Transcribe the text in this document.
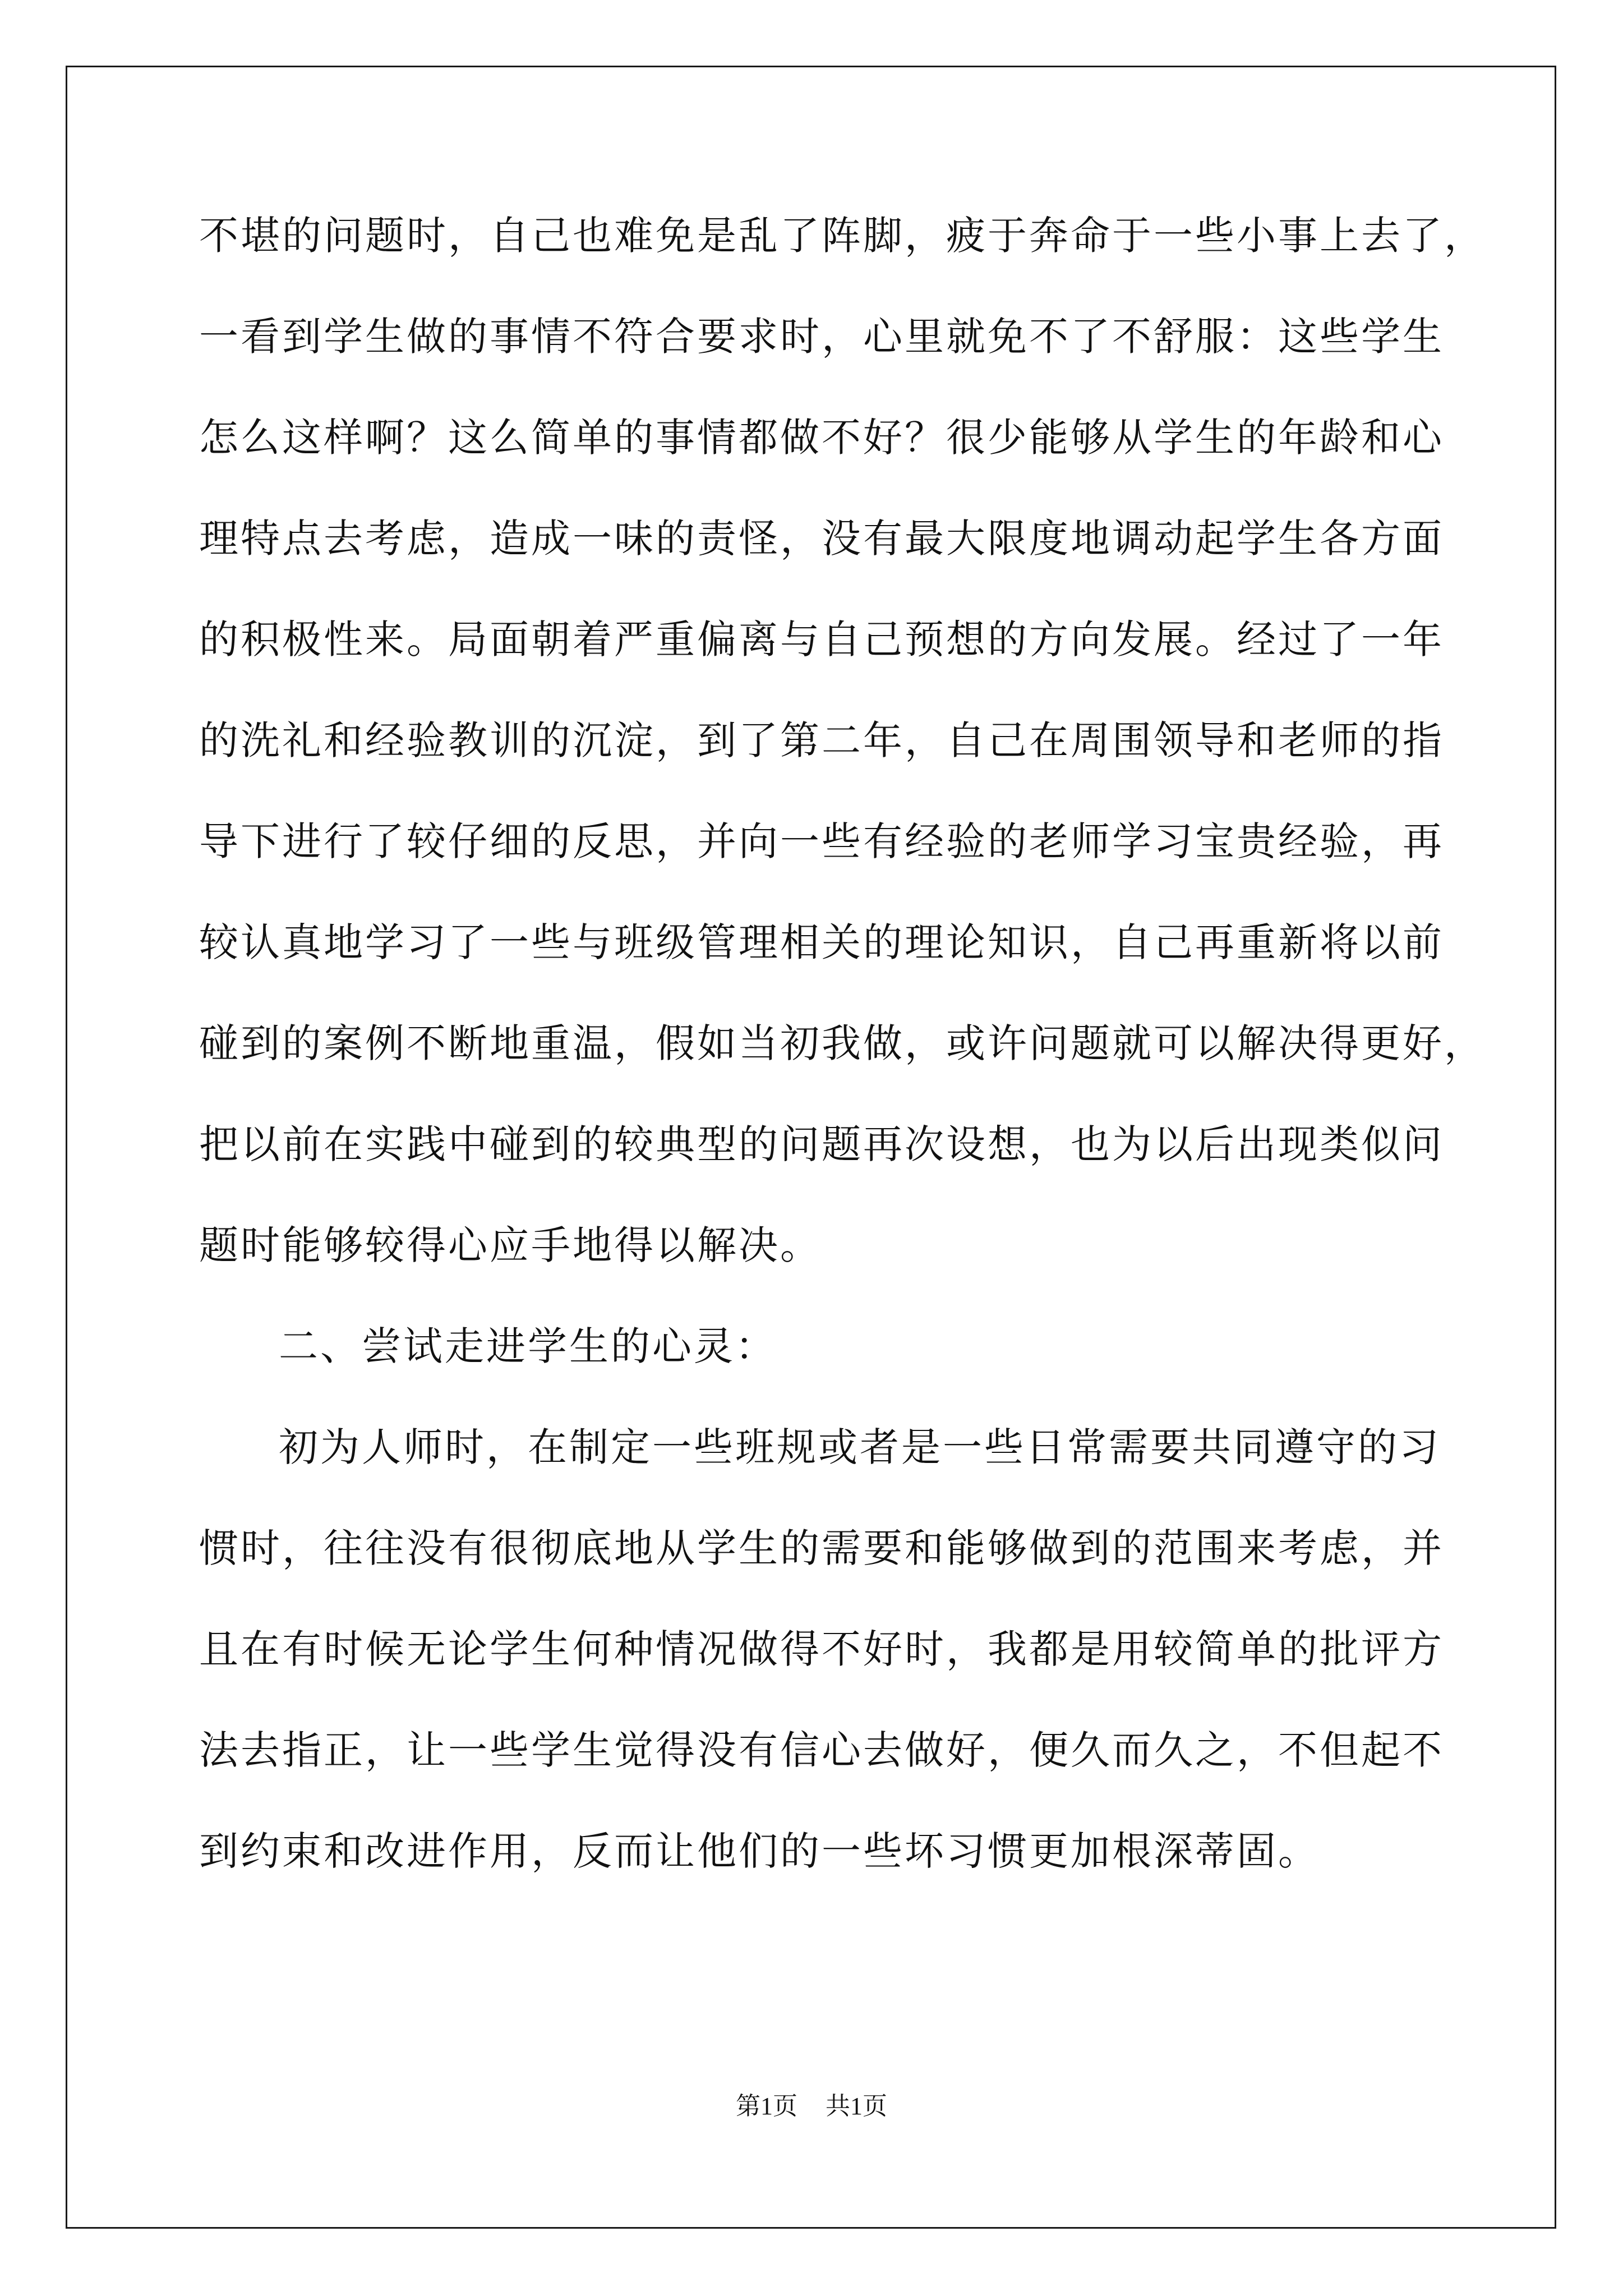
不堪的问题时，自己也难免是乱了阵脚，疲于奔命于一些小事上去了，
一看到学生做的事情不符合要求时，心里就免不了不舒服：这些学生
怎么这样啊？这么简单的事情都做不好？很少能够从学生的年龄和心
理特点去考虑，造成一味的责怪，没有最大限度地调动起学生各方面
的积极性来。局面朝着严重偏离与自己预想的方向发展。经过了一年
的洗礼和经验教训的沉淀，到了第二年，自己在周围领导和老师的指
导下进行了较仔细的反思，并向一些有经验的老师学习宝贵经验，再
较认真地学习了一些与班级管理相关的理论知识，自己再重新将以前
碰到的案例不断地重温，假如当初我做，或许问题就可以解决得更好，
把以前在实践中碰到的较典型的问题再次设想，也为以后出现类似问
题时能够较得心应手地得以解决。
二、尝试走进学生的心灵：
初为人师时，在制定一些班规或者是一些日常需要共同遵守的习
惯时，往往没有很彻底地从学生的需要和能够做到的范围来考虑，并
且在有时候无论学生何种情况做得不好时，我都是用较简单的批评方
法去指正，让一些学生觉得没有信心去做好，便久而久之，不但起不
到约束和改进作用，反而让他们的一些坏习惯更加根深蒂固。
第1页 共1页
